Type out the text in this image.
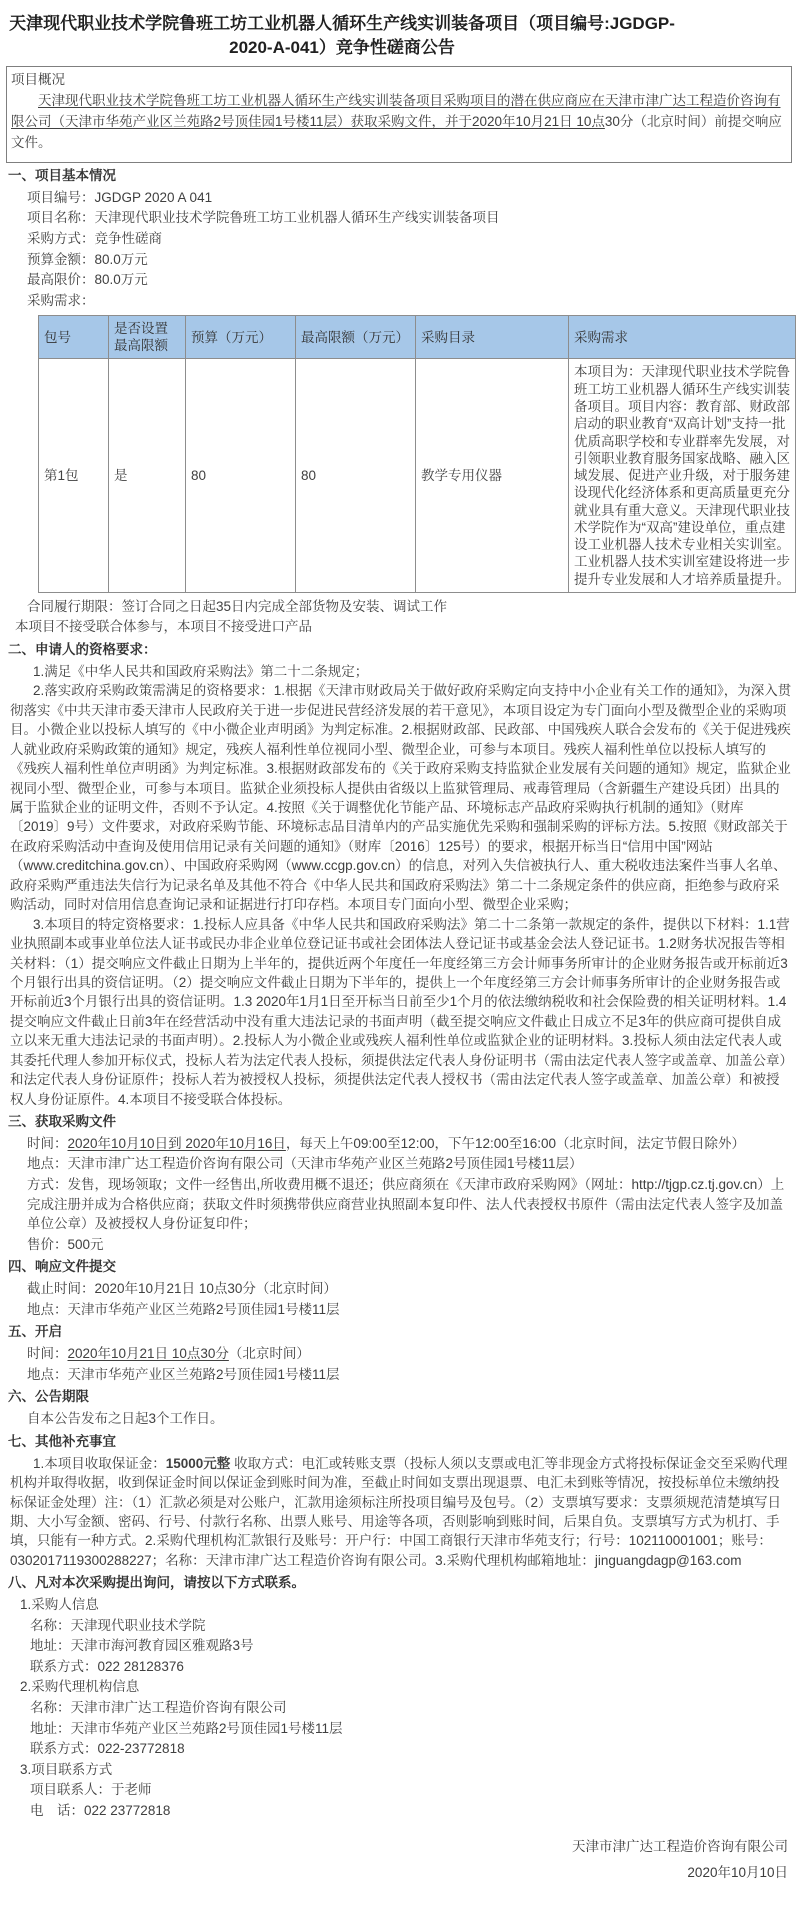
天津现代职业技术学院鲁班工坊工业机器人循环生产线实训装备项目（项目编号:JGDGP-2020-A-041）竞争性磋商公告
项目概况

天津现代职业技术学院鲁班工坊工业机器人循环生产线实训装备项目采购项目的潜在供应商应在天津市津广达工程造价咨询有限公司（天津市华苑产业区兰苑路2号顶佳园1号楼11层）获取采购文件，并于2020年10月21日 10点30分（北京时间）前提交响应文件。

一、项目基本情况

项目编号：JGDGP 2020 A 041

项目名称：天津现代职业技术学院鲁班工坊工业机器人循环生产线实训装备项目

采购方式：竞争性磋商

预算金额：80.0万元

最高限价：80.0万元

采购需求：

包号	是否设置最高限额	预算（万元）	最高限额（万元）	采购目录	采购需求
第1包	是	80	80	教学专用仪器	本项目为：天津现代职业技术学院鲁班工坊工业机器人循环生产线实训装备项目。项目内容：教育部、财政部启动的职业教育“双高计划”支持一批优质高职学校和专业群率先发展，对引领职业教育服务国家战略、融入区域发展、促进产业升级，对于服务建设现代化经济体系和更高质量更充分就业具有重大意义。天津现代职业技术学院作为“双高”建设单位，重点建设工业机器人技术专业相关实训室。工业机器人技术实训室建设将进一步提升专业发展和人才培养质量提升。

合同履行期限：签订合同之日起35日内完成全部货物及安装、调试工作

本项目不接受联合体参与，本项目不接受进口产品

二、申请人的资格要求：

1.满足《中华人民共和国政府采购法》第二十二条规定；

2.落实政府采购政策需满足的资格要求：1.根据《天津市财政局关于做好政府采购定向支持中小企业有关工作的通知》，为深入贯彻落实《中共天津市委天津市人民政府关于进一步促进民营经济发展的若干意见》，本项目设定为专门面向小型及微型企业的采购项目。小微企业以投标人填写的《中小微企业声明函》为判定标准。2.根据财政部、民政部、中国残疾人联合会发布的《关于促进残疾人就业政府采购政策的通知》规定，残疾人福利性单位视同小型、微型企业，可参与本项目。残疾人福利性单位以投标人填写的《残疾人福利性单位声明函》为判定标准。3.根据财政部发布的《关于政府采购支持监狱企业发展有关问题的通知》规定，监狱企业视同小型、微型企业，可参与本项目。监狱企业须投标人提供由省级以上监狱管理局、戒毒管理局（含新疆生产建设兵团）出具的属于监狱企业的证明文件，否则不予认定。4.按照《关于调整优化节能产品、环境标志产品政府采购执行机制的通知》（财库〔2019〕9号）文件要求，对政府采购节能、环境标志品目清单内的产品实施优先采购和强制采购的评标方法。5.按照《财政部关于在政府采购活动中查询及使用信用记录有关问题的通知》（财库〔2016〕125号）的要求，根据开标当日“信用中国”网站（www.creditchina.gov.cn）、中国政府采购网（www.ccgp.gov.cn）的信息，对列入失信被执行人、重大税收违法案件当事人名单、政府采购严重违法失信行为记录名单及其他不符合《中华人民共和国政府采购法》第二十二条规定条件的供应商，拒绝参与政府采购活动，同时对信用信息查询记录和证据进行打印存档。本项目专门面向小型、微型企业采购；

3.本项目的特定资格要求：1.投标人应具备《中华人民共和国政府采购法》第二十二条第一款规定的条件，提供以下材料：1.1营业执照副本或事业单位法人证书或民办非企业单位登记证书或社会团体法人登记证书或基金会法人登记证书。1.2财务状况报告等相关材料：（1）提交响应文件截止日期为上半年的，提供近两个年度任一年度经第三方会计师事务所审计的企业财务报告或开标前近3个月银行出具的资信证明。（2）提交响应文件截止日期为下半年的，提供上一个年度经第三方会计师事务所审计的企业财务报告或开标前近3个月银行出具的资信证明。1.3 2020年1月1日至开标当日前至少1个月的依法缴纳税收和社会保险费的相关证明材料。1.4 提交响应文件截止日前3年在经营活动中没有重大违法记录的书面声明（截至提交响应文件截止日成立不足3年的供应商可提供自成立以来无重大违法记录的书面声明）。2.投标人为小微企业或残疾人福利性单位或监狱企业的证明材料。3.投标人须由法定代表人或其委托代理人参加开标仪式，投标人若为法定代表人投标，须提供法定代表人身份证明书（需由法定代表人签字或盖章、加盖公章）和法定代表人身份证原件；投标人若为被授权人投标，须提供法定代表人授权书（需由法定代表人签字或盖章、加盖公章）和被授权人身份证原件。4.本项目不接受联合体投标。

三、获取采购文件

时间：2020年10月10日到 2020年10月16日，每天上午09:00至12:00，下午12:00至16:00（北京时间，法定节假日除外）

地点：天津市津广达工程造价咨询有限公司（天津市华苑产业区兰苑路2号顶佳园1号楼11层）

方式：发售，现场领取；文件一经售出,所收费用概不退还；供应商须在《天津市政府采购网》（网址：http://tjgp.cz.tj.gov.cn）上完成注册并成为合格供应商；获取文件时须携带供应商营业执照副本复印件、法人代表授权书原件（需由法定代表人签字及加盖单位公章）及被授权人身份证复印件；

售价：500元

四、响应文件提交

截止时间：2020年10月21日 10点30分（北京时间）

地点：天津市华苑产业区兰苑路2号顶佳园1号楼11层

五、开启

时间：2020年10月21日 10点30分（北京时间）

地点：天津市华苑产业区兰苑路2号顶佳园1号楼11层

六、公告期限

自本公告发布之日起3个工作日。

七、其他补充事宜

1.本项目收取保证金：15000元整 收取方式：电汇或转账支票（投标人须以支票或电汇等非现金方式将投标保证金交至采购代理机构并取得收据，收到保证金时间以保证金到账时间为准，至截止时间如支票出现退票、电汇未到账等情况，按投标单位未缴纳投标保证金处理）注：（1）汇款必须是对公账户，汇款用途须标注所投项目编号及包号。（2）支票填写要求：支票须规范清楚填写日期、大小写金额、密码、行号、付款行名称、出票人账号、用途等各项，否则影响到账时间，后果自负。支票填写方式为机打、手填，只能有一种方式。2.采购代理机构汇款银行及账号：开户行：中国工商银行天津市华苑支行；行号：102110001001；账号：0302017119300288227；名称：天津市津广达工程造价咨询有限公司。3.采购代理机构邮箱地址：jinguangdagp@163.com

八、凡对本次采购提出询问，请按以下方式联系。

1.采购人信息

名称：天津现代职业技术学院

地址：天津市海河教育园区雅观路3号

联系方式：022 28128376

2.采购代理机构信息

名称：天津市津广达工程造价咨询有限公司

地址：天津市华苑产业区兰苑路2号顶佳园1号楼11层

联系方式：022-23772818

3.项目联系方式

项目联系人：于老师

电　话：022 23772818

天津市津广达工程造价咨询有限公司
2020年10月10日
